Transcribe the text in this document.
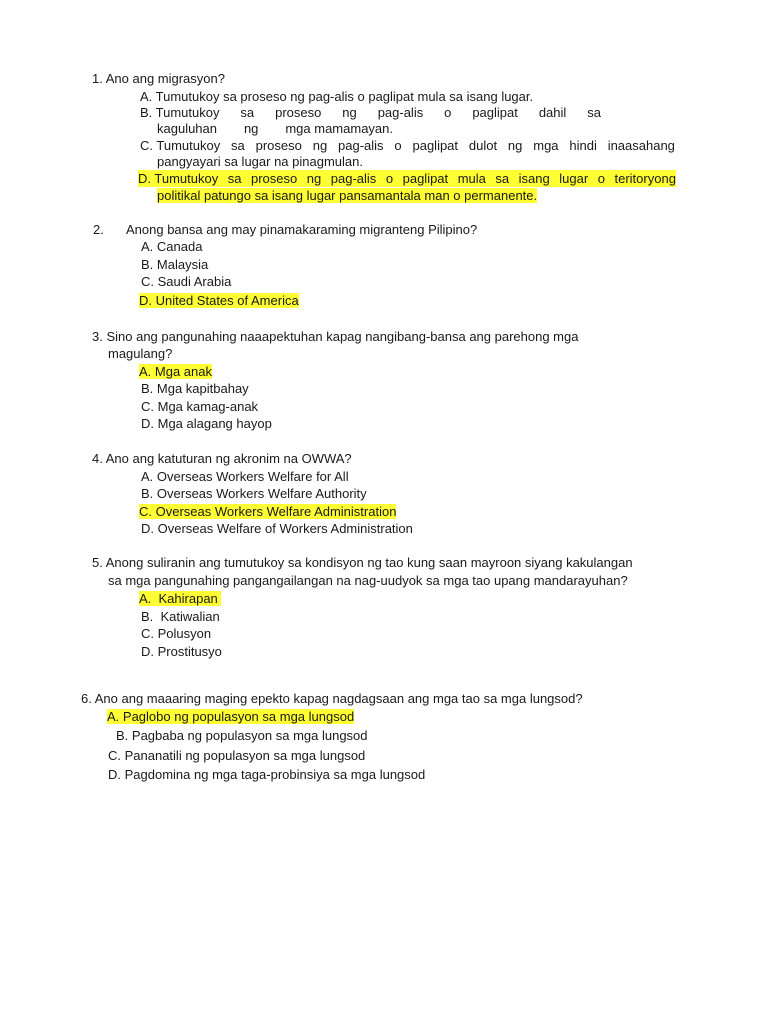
1. Ano ang migrasyon?
A. Tumutukoy sa proseso ng pag-alis o paglipat mula sa isang lugar.
B. Tumutukoy sa proseso ng pag-alis o paglipat dahil sa
kaguluhan ng mga mamamayan.
C. Tumutukoy sa proseso ng pag-alis o paglipat dulot ng mga hindi inaasahang
pangyayari sa lugar na pinagmulan.
D. Tumutukoy sa proseso ng pag-alis o paglipat mula sa isang lugar o teritoryong
politikal patungo sa isang lugar pansamantala man o permanente.
2. Anong bansa ang may pinamakaraming migranteng Pilipino?
A. Canada
B. Malaysia
C. Saudi Arabia
D. United States of America
3. Sino ang pangunahing naaapektuhan kapag nangibang-bansa ang parehong mga
magulang?
A. Mga anak
B. Mga kapitbahay
C. Mga kamag-anak
D. Mga alagang hayop
4. Ano ang katuturan ng akronim na OWWA?
A. Overseas Workers Welfare for All
B. Overseas Workers Welfare Authority
C. Overseas Workers Welfare Administration
D. Overseas Welfare of Workers Administration
5. Anong suliranin ang tumutukoy sa kondisyon ng tao kung saan mayroon siyang kakulangan
sa mga pangunahing pangangailangan na nag-uudyok sa mga tao upang mandarayuhan?
A.  Kahirapan
B.  Katiwalian
C. Polusyon
D. Prostitusyo
6. Ano ang maaaring maging epekto kapag nagdagsaan ang mga tao sa mga lungsod?
A. Paglobo ng populasyon sa mga lungsod
B. Pagbaba ng populasyon sa mga lungsod
C. Pananatili ng populasyon sa mga lungsod
D. Pagdomina ng mga taga-probinsiya sa mga lungsod
